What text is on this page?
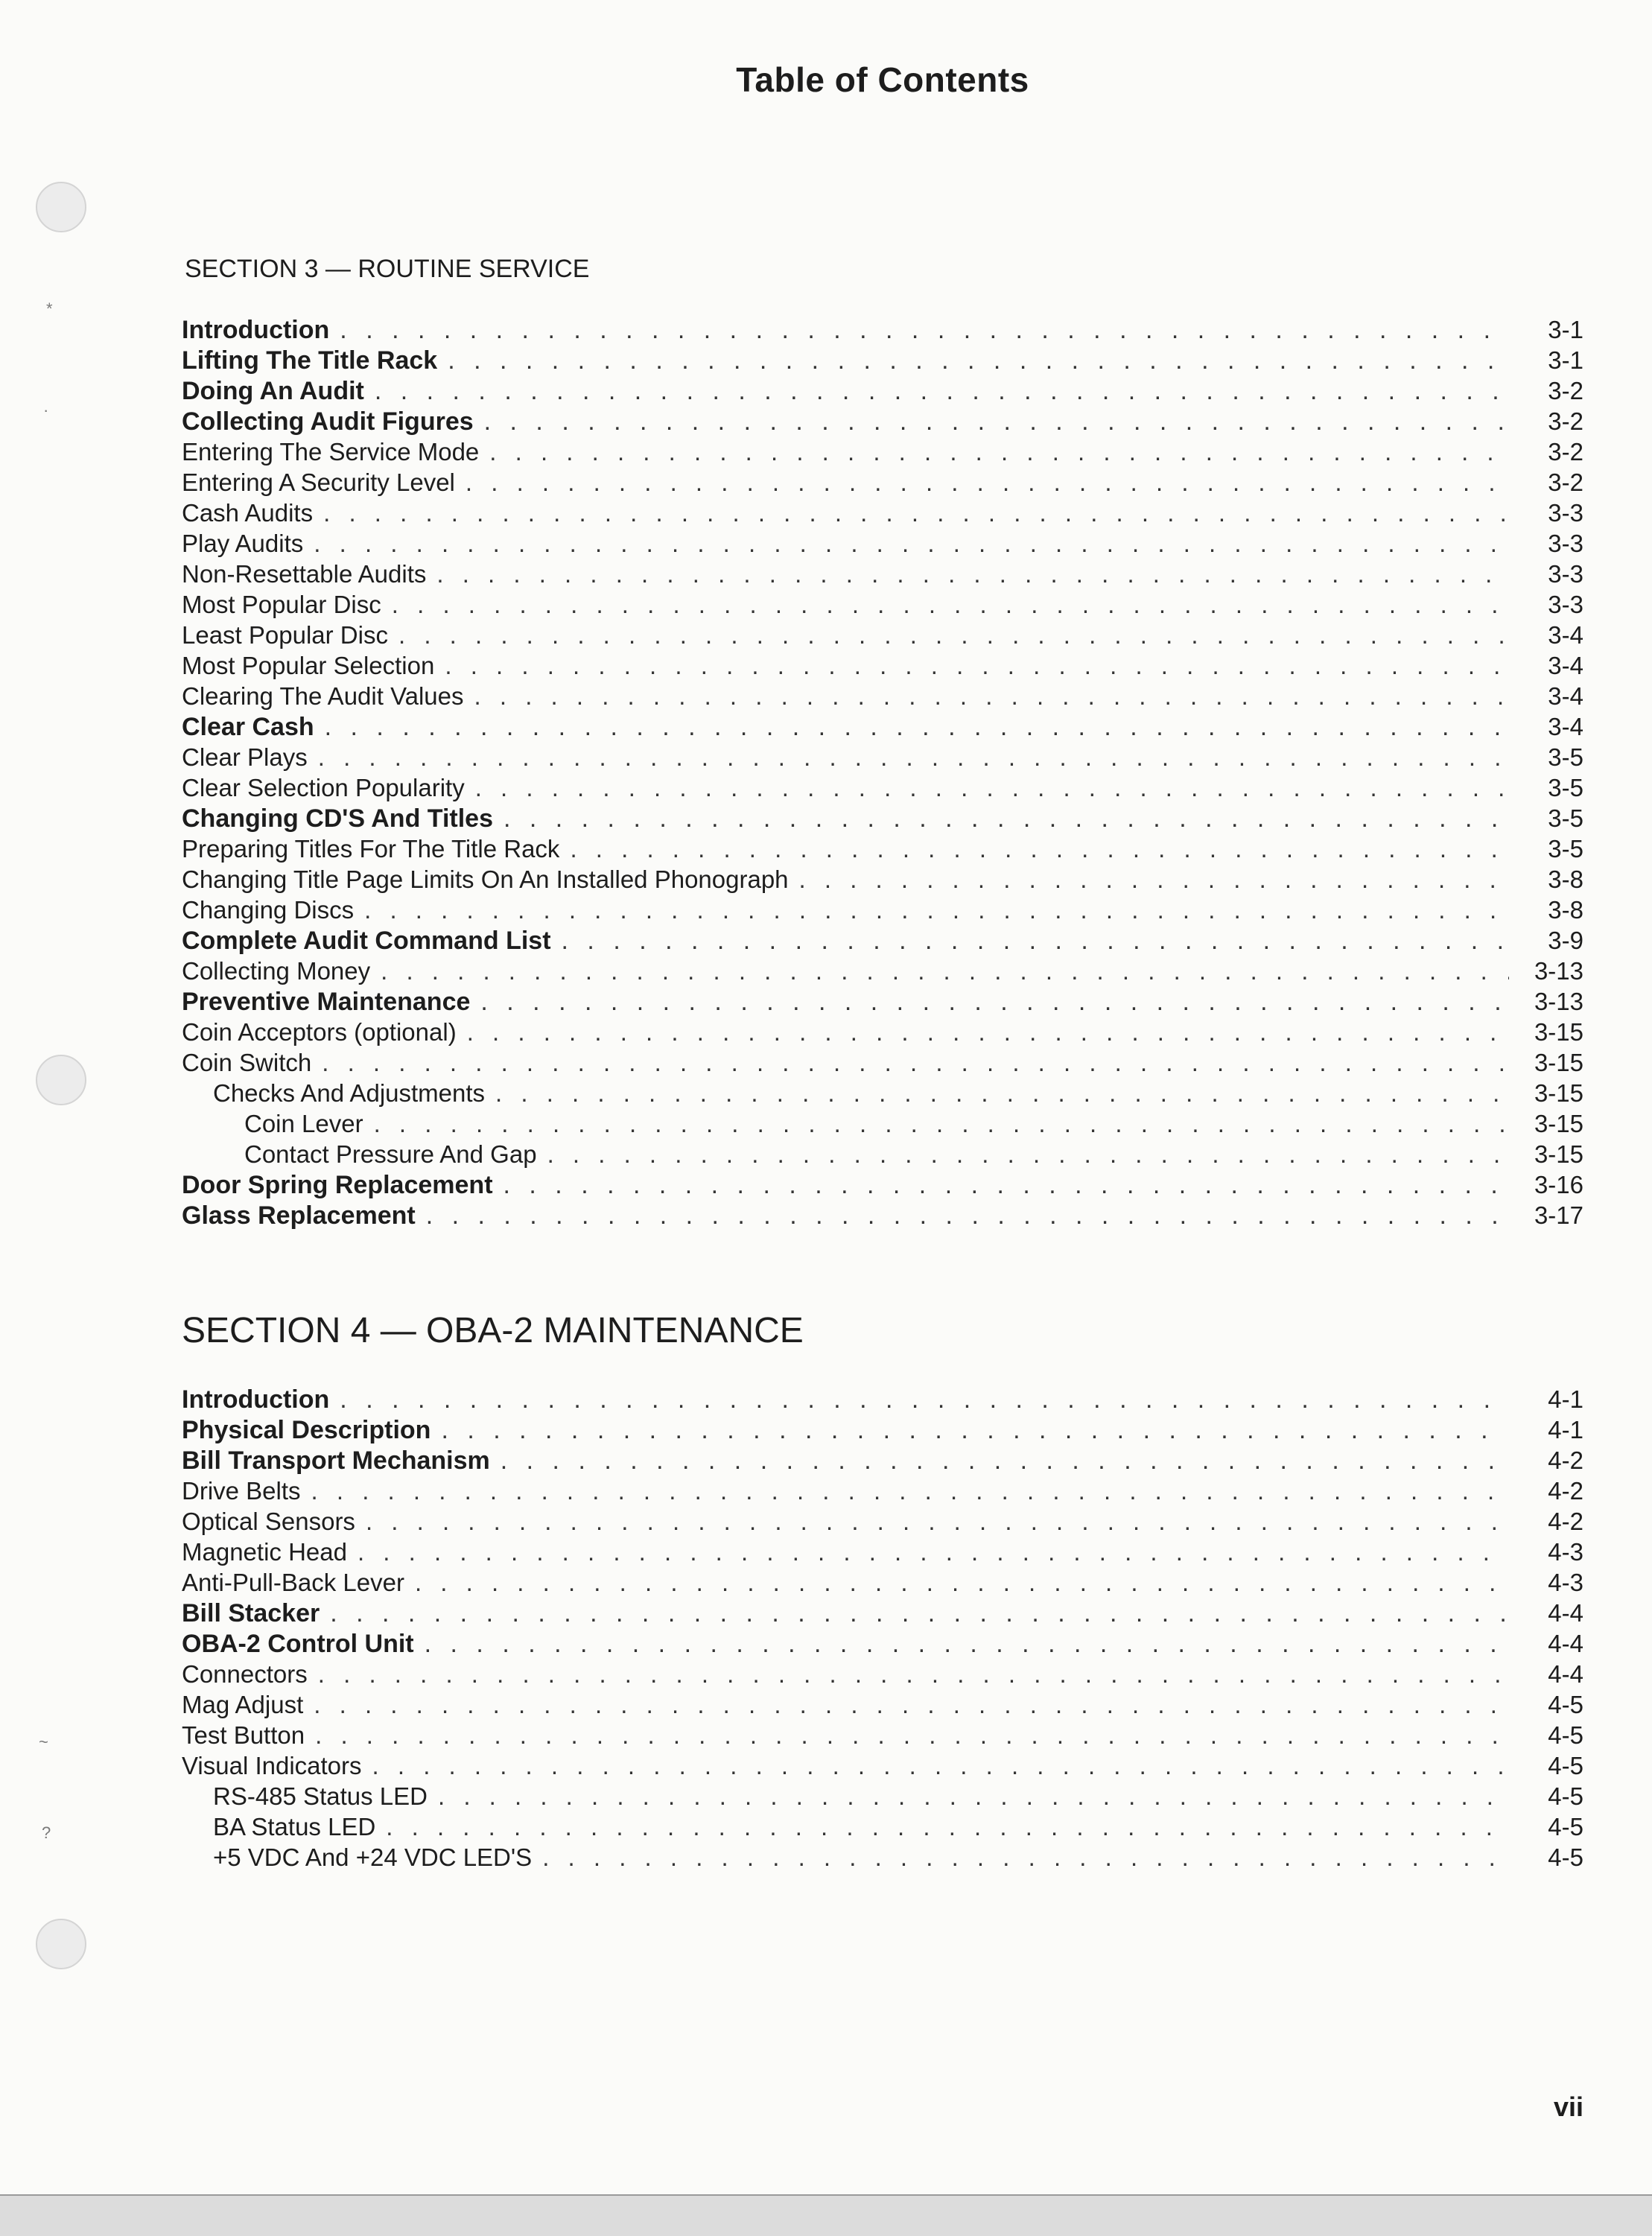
Table of Contents
*
·
~
?
SECTION 3 — ROUTINE SERVICE
Introduction . . .	3-1
Lifting The Title Rack . . .	3-1
Doing An Audit . . .	3-2
Collecting Audit Figures . . .	3-2
Entering The Service Mode . . .	3-2
Entering A Security Level . . .	3-2
Cash Audits . . .	3-3
Play Audits . . .	3-3
Non-Resettable Audits . . .	3-3
Most Popular Disc . . .	3-3
Least Popular Disc . . .	3-4
Most Popular Selection . . .	3-4
Clearing The Audit Values . . .	3-4
Clear Cash . . .	3-4
Clear Plays . . .	3-5
Clear Selection Popularity . . .	3-5
Changing CD'S And Titles . . .	3-5
Preparing Titles For The Title Rack . . .	3-5
Changing Title Page Limits On An Installed Phonograph . . .	3-8
Changing Discs . . .	3-8
Complete Audit Command List . . .	3-9
Collecting Money . . .	3-13
Preventive Maintenance . . .	3-13
Coin Acceptors (optional) . . .	3-15
Coin Switch . . .	3-15
Checks And Adjustments . . .	3-15
Coin Lever . . .	3-15
Contact Pressure And Gap . . .	3-15
Door Spring Replacement . . .	3-16
Glass Replacement . . .	3-17
SECTION 4 — OBA-2 MAINTENANCE
Introduction . . .	4-1
Physical Description . . .	4-1
Bill Transport Mechanism . . .	4-2
Drive Belts . . .	4-2
Optical Sensors . . .	4-2
Magnetic Head . . .	4-3
Anti-Pull-Back Lever . . .	4-3
Bill Stacker . . .	4-4
OBA-2 Control Unit . . .	4-4
Connectors . . .	4-4
Mag Adjust . . .	4-5
Test Button . . .	4-5
Visual Indicators . . .	4-5
RS-485 Status LED . . .	4-5
BA Status LED . . .	4-5
+5 VDC And +24 VDC LED'S . . .	4-5
vii
